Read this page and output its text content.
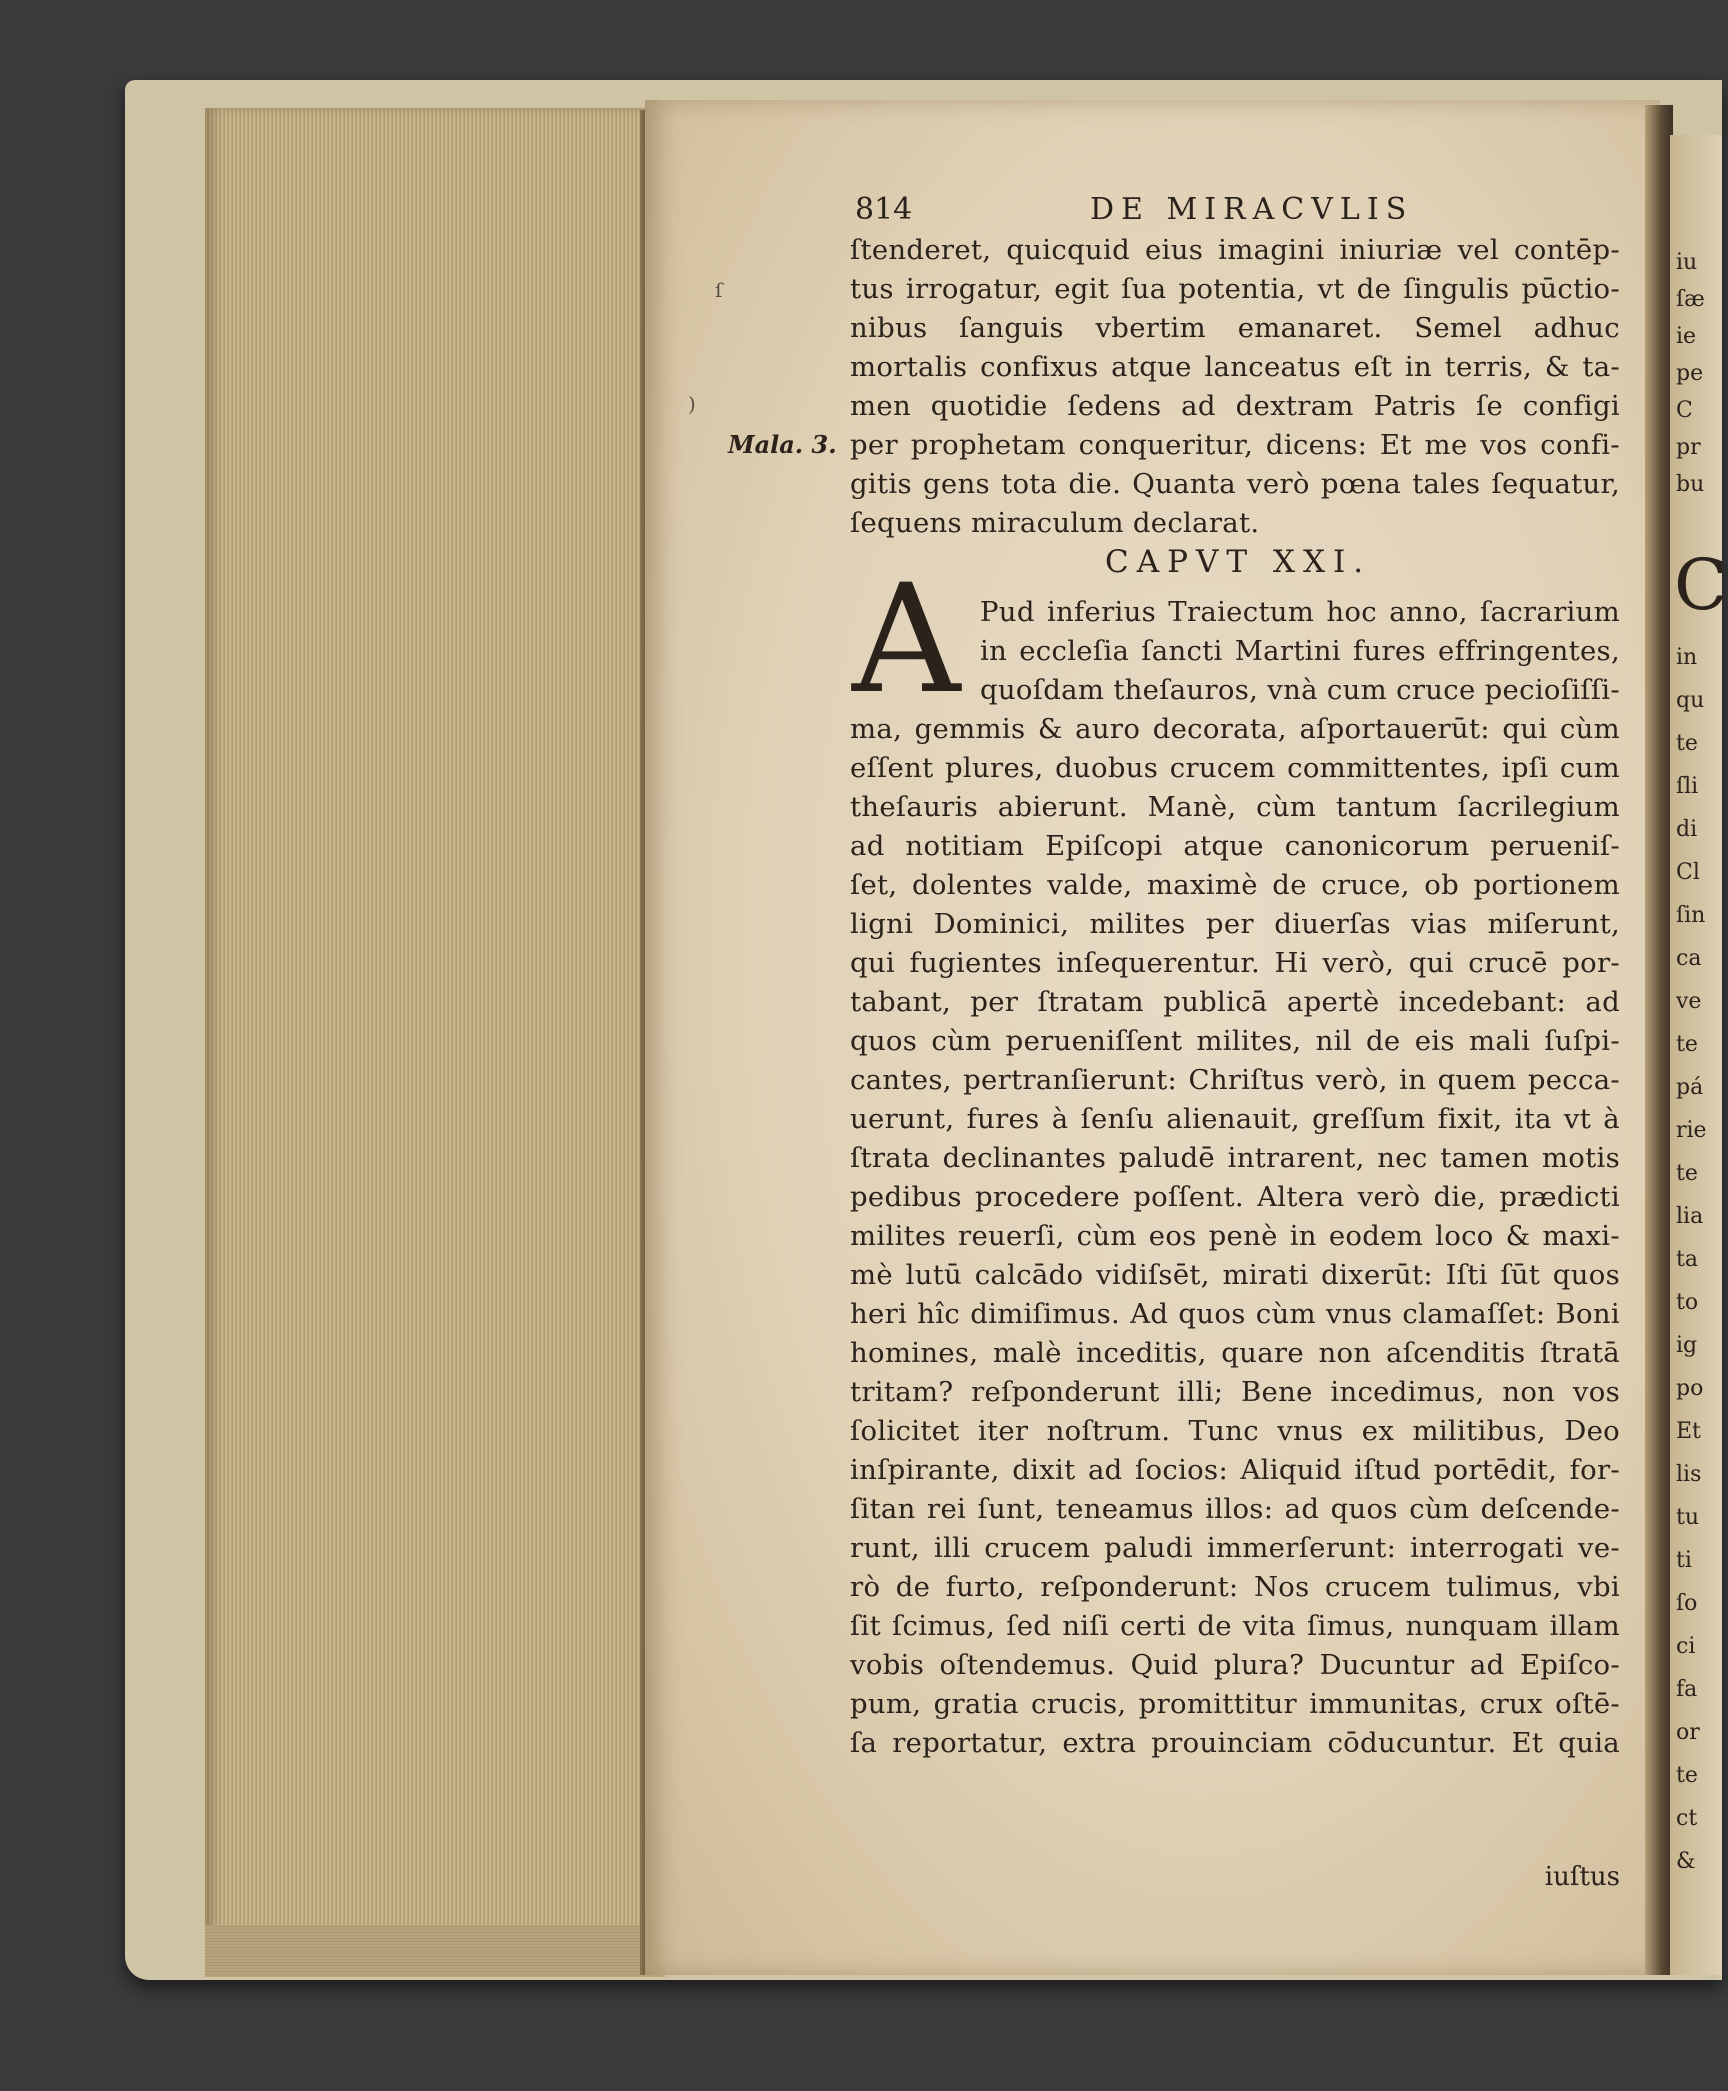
iu
ſæ
ie
pe
C
pr
bu
C
in
qu
te
ſli
di
Cl
ſin
ca
ve
te
pá
rie
te
lia
ta
to
ig
po
Et
lis
tu
ti
ſo
ci
fa
or
te
ct
&
814	DE MIRACVLIS
Mala. 3.
ſtenderet, quicquid eius imagini iniuriæ vel contēp-
tus irrogatur, egit ſua potentia, vt de ſingulis pūctio-
nibus ſanguis vbertim emanaret. Semel adhuc
mortalis confixus atque lanceatus eſt in terris, & ta-
men quotidie ſedens ad dextram Patris ſe configi
per prophetam conqueritur, dicens: Et me vos confi-
gitis gens tota die. Quanta verò pœna tales ſequatur,
ſequens miraculum declarat.
CAPVT XXI.
A Pud inferius Traiectum hoc anno, ſacrarium
in eccleſia ſancti Martini fures effringentes,
quoſdam theſauros, vnà cum cruce pecioſiſſi-
ma, gemmis & auro decorata, aſportauerūt: qui cùm
eſſent plures, duobus crucem committentes, ipſi cum
theſauris abierunt. Manè, cùm tantum ſacrilegium
ad notitiam Epiſcopi atque canonicorum perueniſ-
ſet, dolentes valde, maximè de cruce, ob portionem
ligni Dominici, milites per diuerſas vias miſerunt,
qui fugientes inſequerentur. Hi verò, qui crucē por-
tabant, per ſtratam publicā apertè incedebant: ad
quos cùm perueniſſent milites, nil de eis mali ſuſpi-
cantes, pertranſierunt: Chriſtus verò, in quem pecca-
uerunt, fures à ſenſu alienauit, greſſum fixit, ita vt à
ſtrata declinantes paludē intrarent, nec tamen motis
pedibus procedere poſſent. Altera verò die, prædicti
milites reuerſi, cùm eos penè in eodem loco & maxi-
mè lutū calcādo vidiſsēt, mirati dixerūt: Iſti ſūt quos
heri hîc dimiſimus. Ad quos cùm vnus clamaſſet: Boni
homines, malè inceditis, quare non aſcenditis ſtratā
tritam? reſponderunt illi; Bene incedimus, non vos
ſolicitet iter noſtrum. Tunc vnus ex militibus, Deo
inſpirante, dixit ad ſocios: Aliquid iſtud portēdit, for-
ſitan rei ſunt, teneamus illos: ad quos cùm deſcende-
runt, illi crucem paludi immerſerunt: interrogati ve-
rò de furto, reſponderunt: Nos crucem tulimus, vbi
ſit ſcimus, ſed niſi certi de vita ſimus, nunquam illam
vobis oſtendemus. Quid plura? Ducuntur ad Epiſco-
pum, gratia crucis, promittitur immunitas, crux oſtē-
ſa reportatur, extra prouinciam cōducuntur. Et quia
iuſtus
ſ
)
